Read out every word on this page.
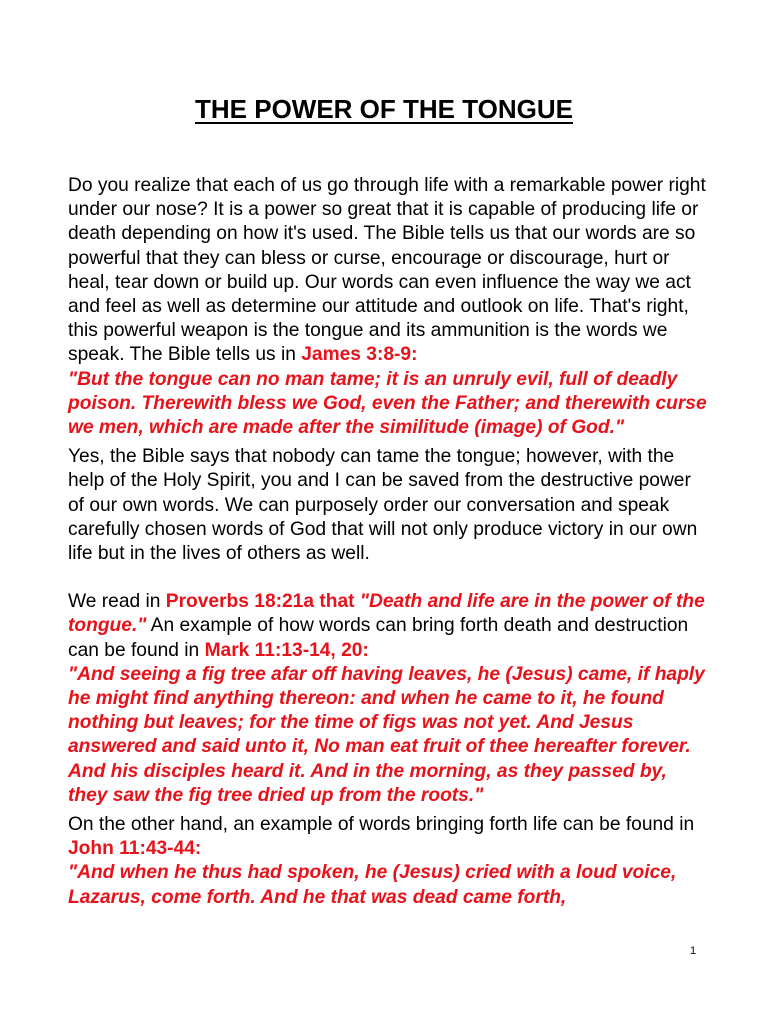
THE POWER OF THE TONGUE

Do you realize that each of us go through life with a remarkable power right under our nose? It is a power so great that it is capable of producing life or death depending on how it's used. The Bible tells us that our words are so powerful that they can bless or curse, encourage or discourage, hurt or heal, tear down or build up. Our words can even influence the way we act and feel as well as determine our attitude and outlook on life. That's right, this powerful weapon is the tongue and its ammunition is the words we speak. The Bible tells us in James 3:8-9:
"But the tongue can no man tame; it is an unruly evil, full of deadly poison. Therewith bless we God, even the Father; and therewith curse we men, which are made after the similitude (image) of God."

Yes, the Bible says that nobody can tame the tongue; however, with the help of the Holy Spirit, you and I can be saved from the destructive power of our own words. We can purposely order our conversation and speak carefully chosen words of God that will not only produce victory in our own life but in the lives of others as well.

We read in Proverbs 18:21a that "Death and life are in the power of the tongue." An example of how words can bring forth death and destruction can be found in Mark 11:13-14, 20:
"And seeing a fig tree afar off having leaves, he (Jesus) came, if haply he might find anything thereon: and when he came to it, he found nothing but leaves; for the time of figs was not yet. And Jesus answered and said unto it, No man eat fruit of thee hereafter forever. And his disciples heard it. And in the morning, as they passed by, they saw the fig tree dried up from the roots."

On the other hand, an example of words bringing forth life can be found in John 11:43-44:
"And when he thus had spoken, he (Jesus) cried with a loud voice, Lazarus, come forth. And he that was dead came forth,

1
